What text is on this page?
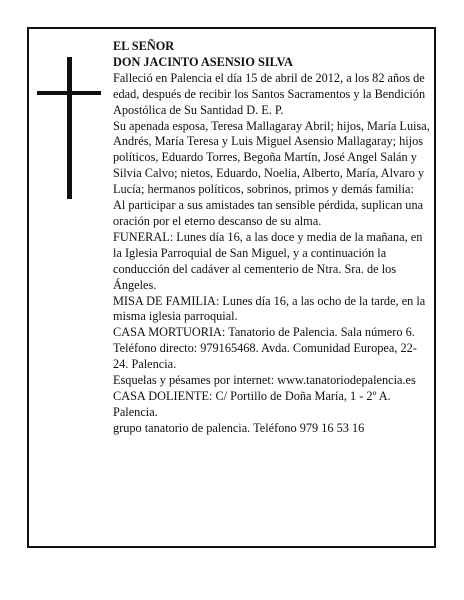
EL SEÑOR

DON JACINTO ASENSIO SILVA

Falleció en Palencia el día 15 de abril de 2012, a los 82 años de edad, después de recibir los Santos Sacramentos y la Bendición Apostólica de Su Santidad D. E. P.

Su apenada esposa, Teresa Mallagaray Abril; hijos, María Luisa, Andrés, María Teresa y Luis Miguel Asensio Mallagaray; hijos políticos, Eduardo Torres, Begoña Martín, José Angel Salán y Silvia Calvo; nietos, Eduardo, Noelia, Alberto, María, Alvaro y Lucía; hermanos políticos, sobrinos, primos y demás familia:

Al participar a sus amistades tan sensible pérdida, suplican una oración por el eterno descanso de su alma.

FUNERAL: Lunes día 16, a las doce y media de la mañana, en la Iglesia Parroquial de San Miguel, y a continuación la conducción del cadáver al cementerio de Ntra. Sra. de los Ángeles.

MISA DE FAMILIA: Lunes día 16, a las ocho de la tarde, en la misma iglesia parroquial.

CASA MORTUORIA: Tanatorio de Palencia. Sala número 6. Teléfono directo: 979165468. Avda. Comunidad Europea, 22-24. Palencia.

Esquelas y pésames por internet: www.tanatoriodepalencia.es

CASA DOLIENTE: C/ Portillo de Doña María, 1 - 2º A. Palencia.

grupo tanatorio de palencia. Teléfono 979 16 53 16
